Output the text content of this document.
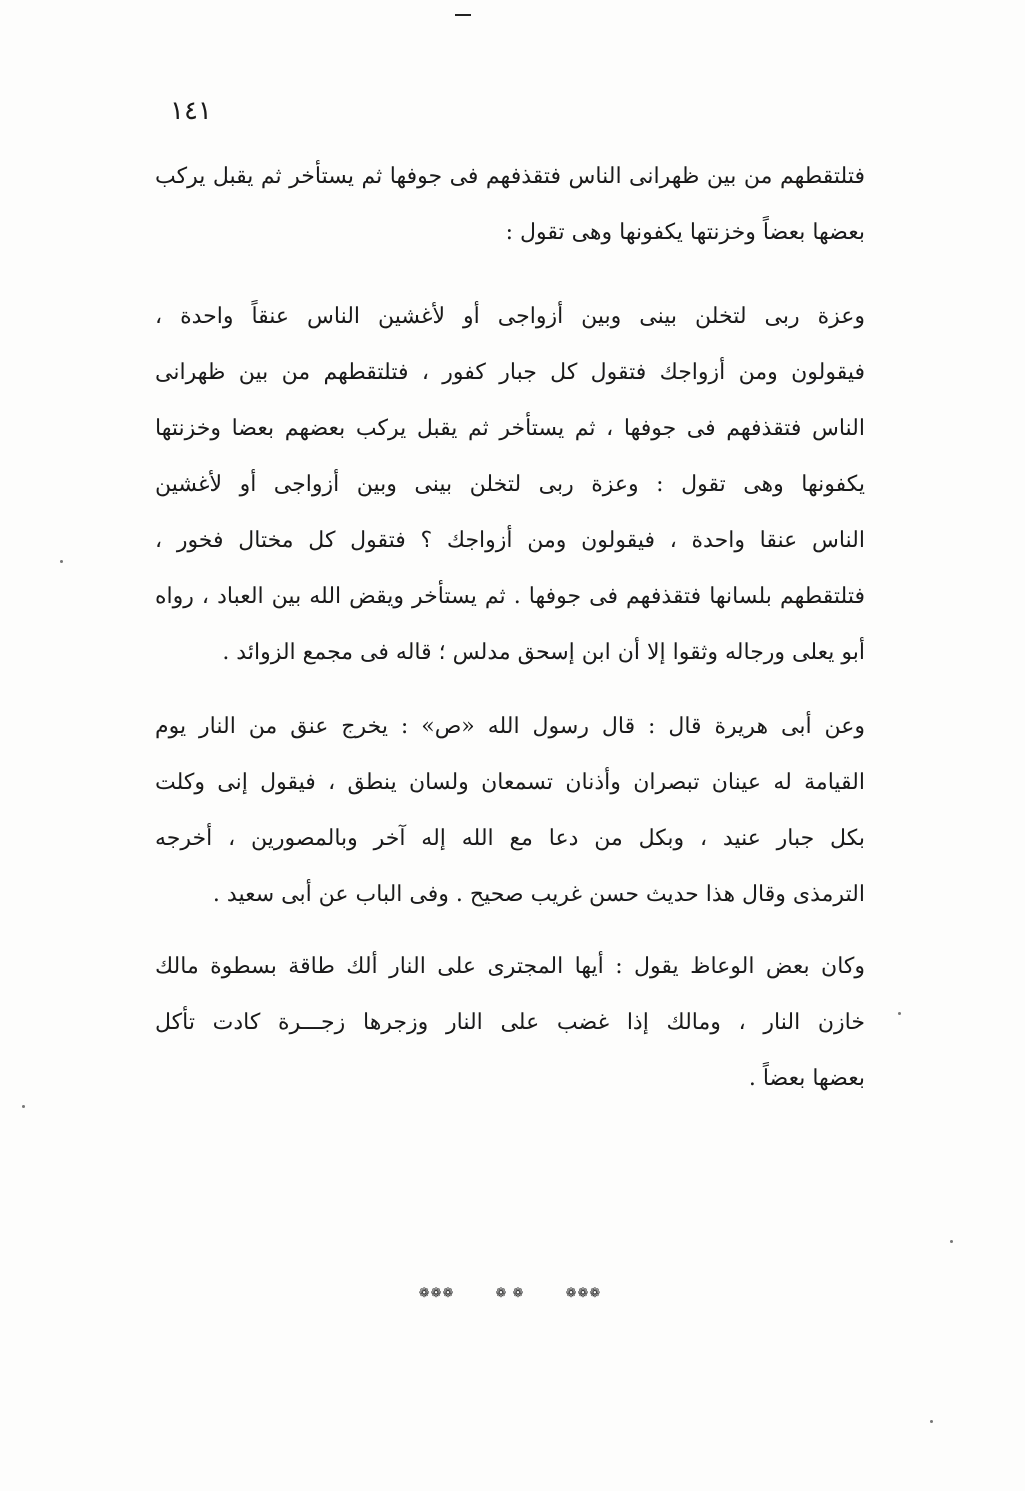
١٤١
فتلتقطهم من بين ظهرانى الناس فتقذفهم فى جوفها ثم يستأخر ثم يقبل يركب
بعضها بعضاً وخزنتها يكفونها وهى تقول :
وعزة ربى لتخلن بينى وبين أزواجى أو لأغشين الناس عنقاً واحدة ،
فيقولون ومن أزواجك فتقول كل جبار كفور ، فتلتقطهم من بين ظهرانى
الناس فتقذفهم فى جوفها ، ثم يستأخر ثم يقبل يركب بعضهم بعضا وخزنتها
يكفونها وهى تقول : وعزة ربى لتخلن بينى وبين أزواجى أو لأغشين
الناس عنقا واحدة ، فيقولون ومن أزواجك ؟ فتقول كل مختال فخور ،
فتلتقطهم بلسانها فتقذفهم فى جوفها . ثم يستأخر ويقض الله بين العباد ، رواه
أبو يعلى ورجاله وثقوا إلا أن ابن إسحق مدلس ؛ قاله فى مجمع الزوائد .
وعن أبى هريرة قال : قال رسول الله «ص» : يخرج عنق من النار يوم
القيامة له عينان تبصران وأذنان تسمعان ولسان ينطق ، فيقول إنى وكلت
بكل جبار عنيد ، وبكل من دعا مع الله إله آخر وبالمصورين ، أخرجه
الترمذى وقال هذا حديث حسن غريب صحيح . وفى الباب عن أبى سعيد .
وكان بعض الوعاظ يقول : أيها المجترى على النار ألك طاقة بسطوة مالك
خازن النار ، ومالك إذا غضب على النار وزجرها زجـــرة كادت تأكل
بعضها بعضاً .
❁❁❁	❁ ❁	❁❁❁
